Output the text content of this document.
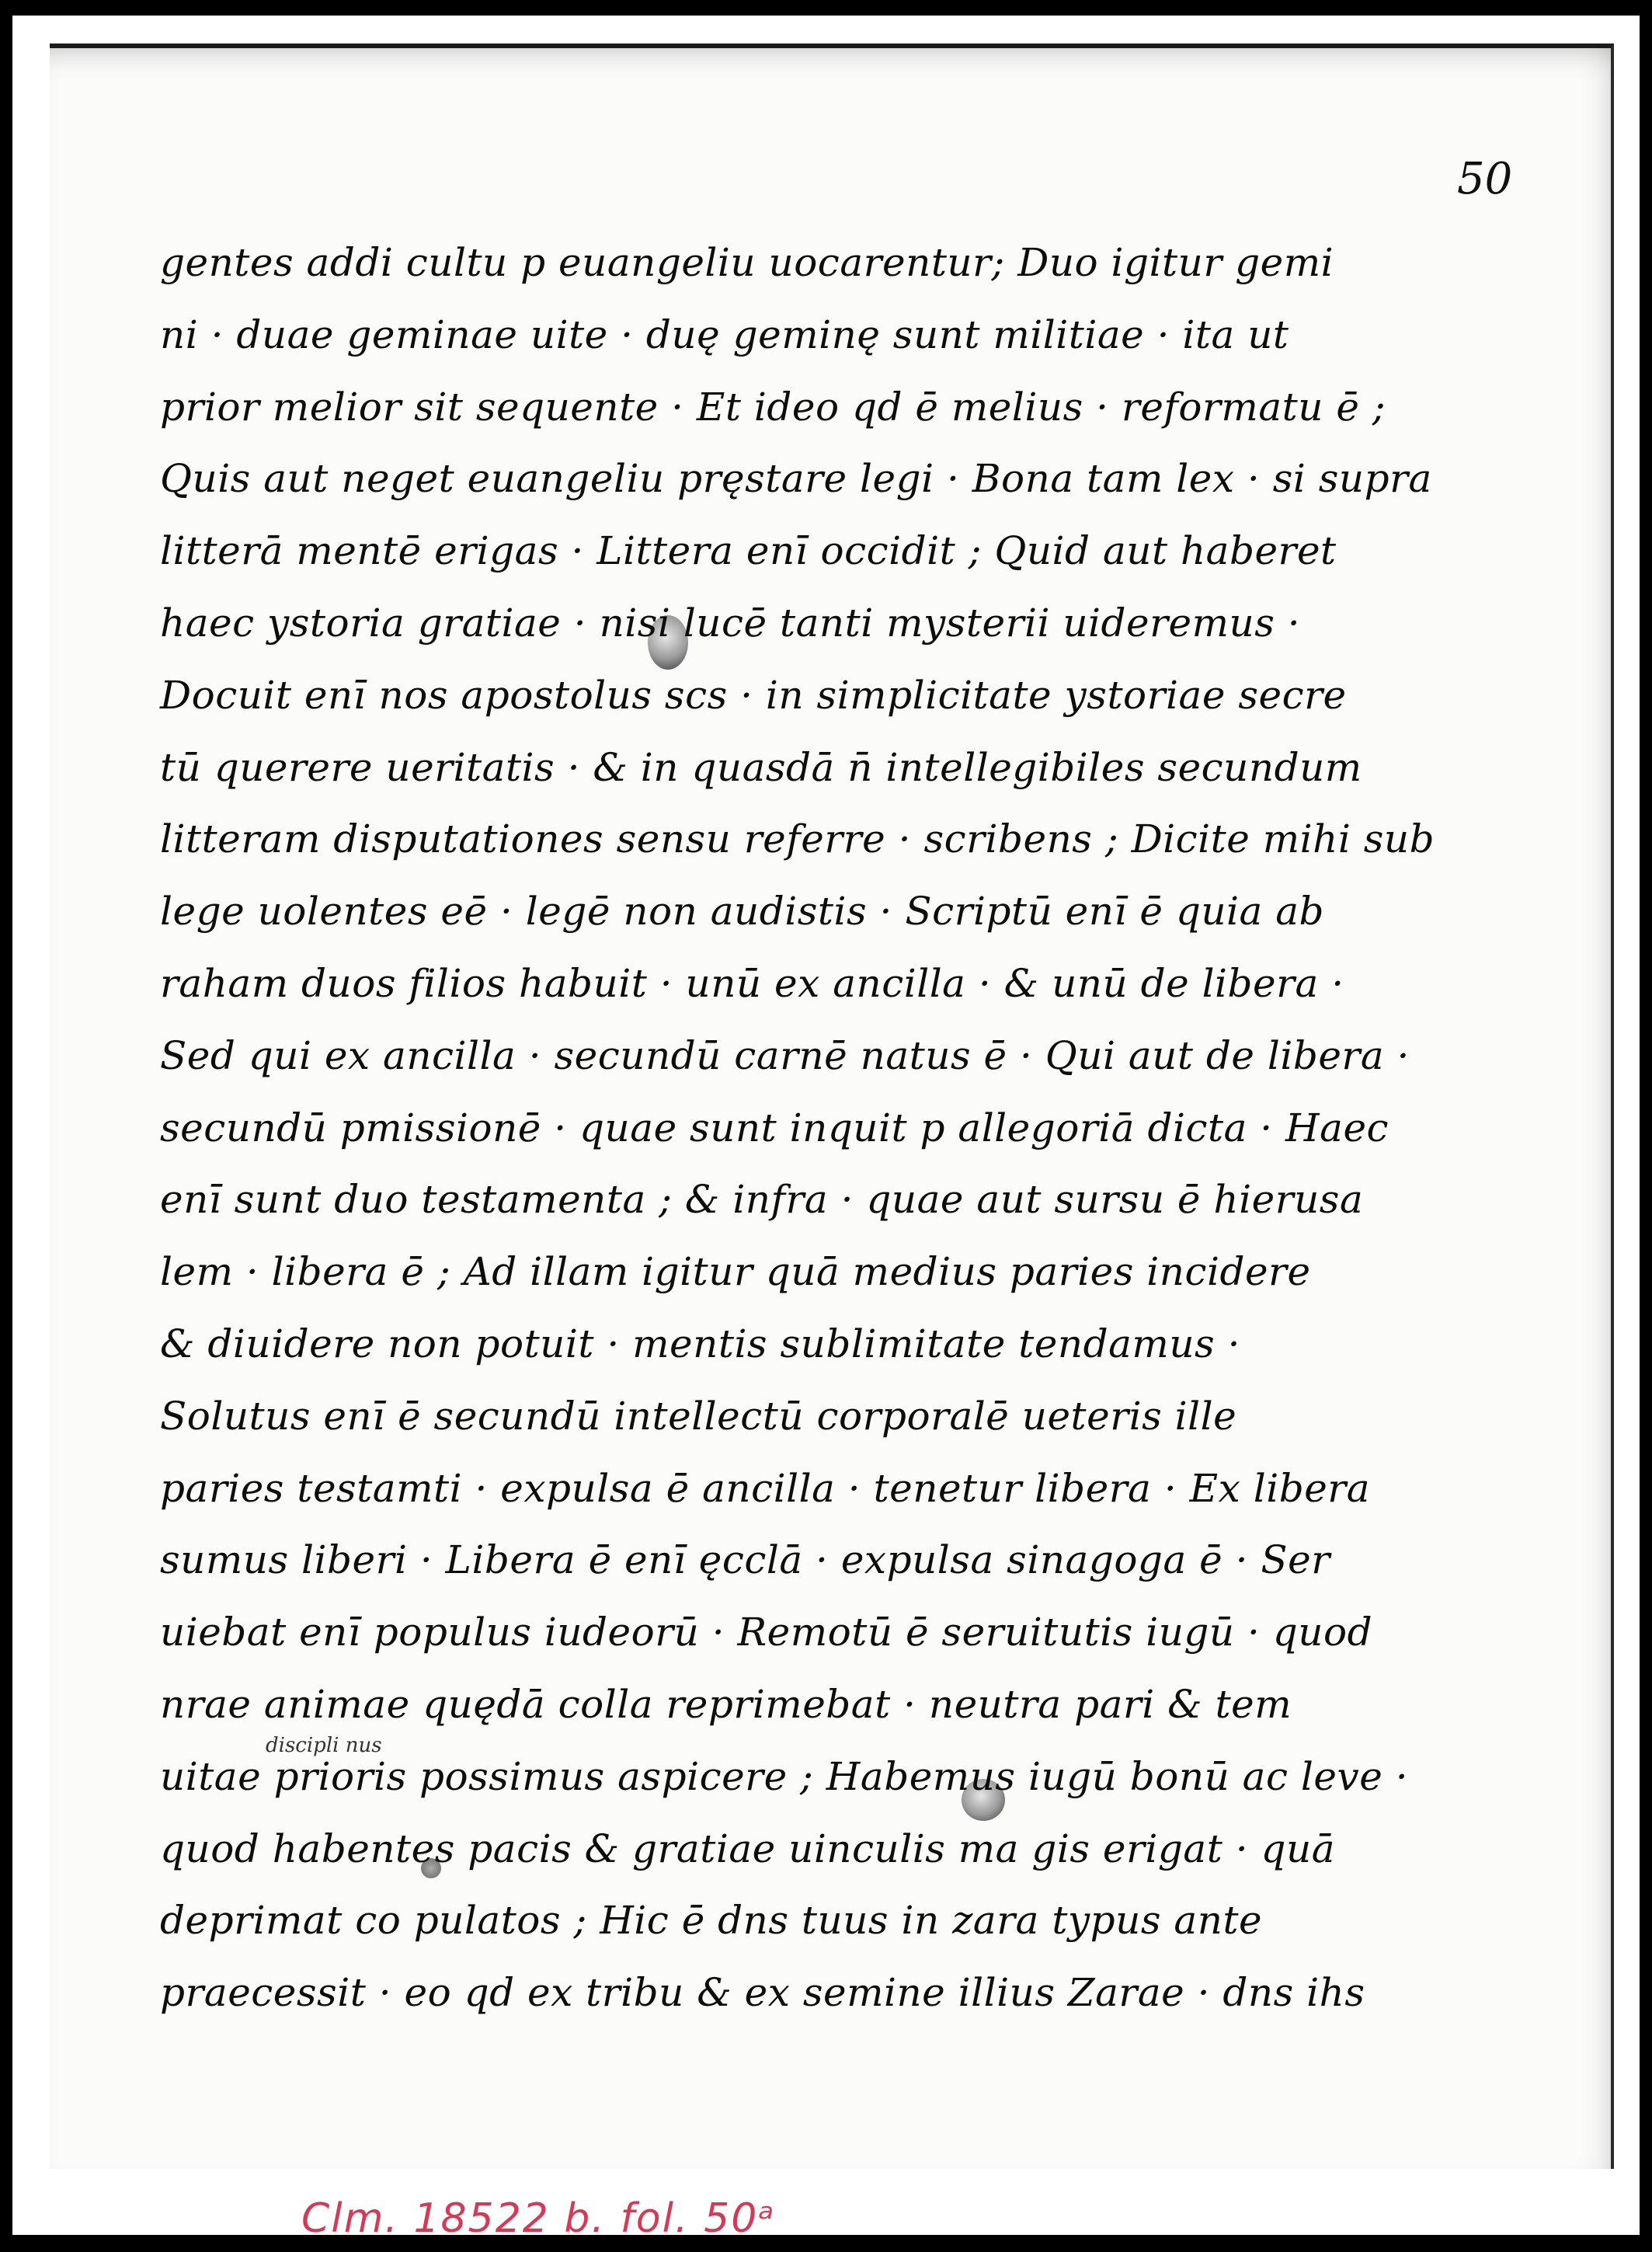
50
gentes addi cultu p euangeliu uocarentur; Duo igitur gemi
ni · duae geminae uite · duę geminę sunt militiae · ita ut
prior melior sit sequente · Et ideo qd ē melius · reformatu ē ;
Quis aut neget euangeliu pręstare legi · Bona tam lex · si supra
litterā mentē erigas · Littera enī occidit ; Quid aut haberet
haec ystoria gratiae · nisi lucē tanti mysterii uideremus ·
Docuit enī nos apostolus scs · in simplicitate ystoriae secre
tū querere ueritatis · & in quasdā n̄ intellegibiles secundum
litteram disputationes sensu referre · scribens ; Dicite mihi sub
lege uolentes eē · legē non audistis · Scriptū enī ē quia ab
raham duos filios habuit · unū ex ancilla · & unū de libera ·
Sed qui ex ancilla · secundū carnē natus ē · Qui aut de libera ·
secundū pmissionē · quae sunt inquit p allegoriā dicta · Haec
enī sunt duo testamenta ; & infra · quae aut sursu ē hierusa
lem · libera ē ; Ad illam igitur quā medius paries incidere
& diuidere non potuit · mentis sublimitate tendamus ·
Solutus enī ē secundū intellectū corporalē ueteris ille
paries testamti · expulsa ē ancilla · tenetur libera · Ex libera
sumus liberi · Libera ē enī ęcclā · expulsa sinagoga ē · Ser
uiebat enī populus iudeorū · Remotū ē seruitutis iugū · quod
nrae animae quędā colla reprimebat · neutra pari & tem
uitae prioris possimus aspicere ; Habemus iugū bonū ac leve ·
quod habentes pacis & gratiae uinculis ma gis erigat · quā
deprimat co pulatos ; Hic ē dns tuus in zara typus ante
praecessit · eo qd ex tribu & ex semine illius Zarae · dns ihs
discipli nus
Clm. 18522 b. fol. 50ᵃ
